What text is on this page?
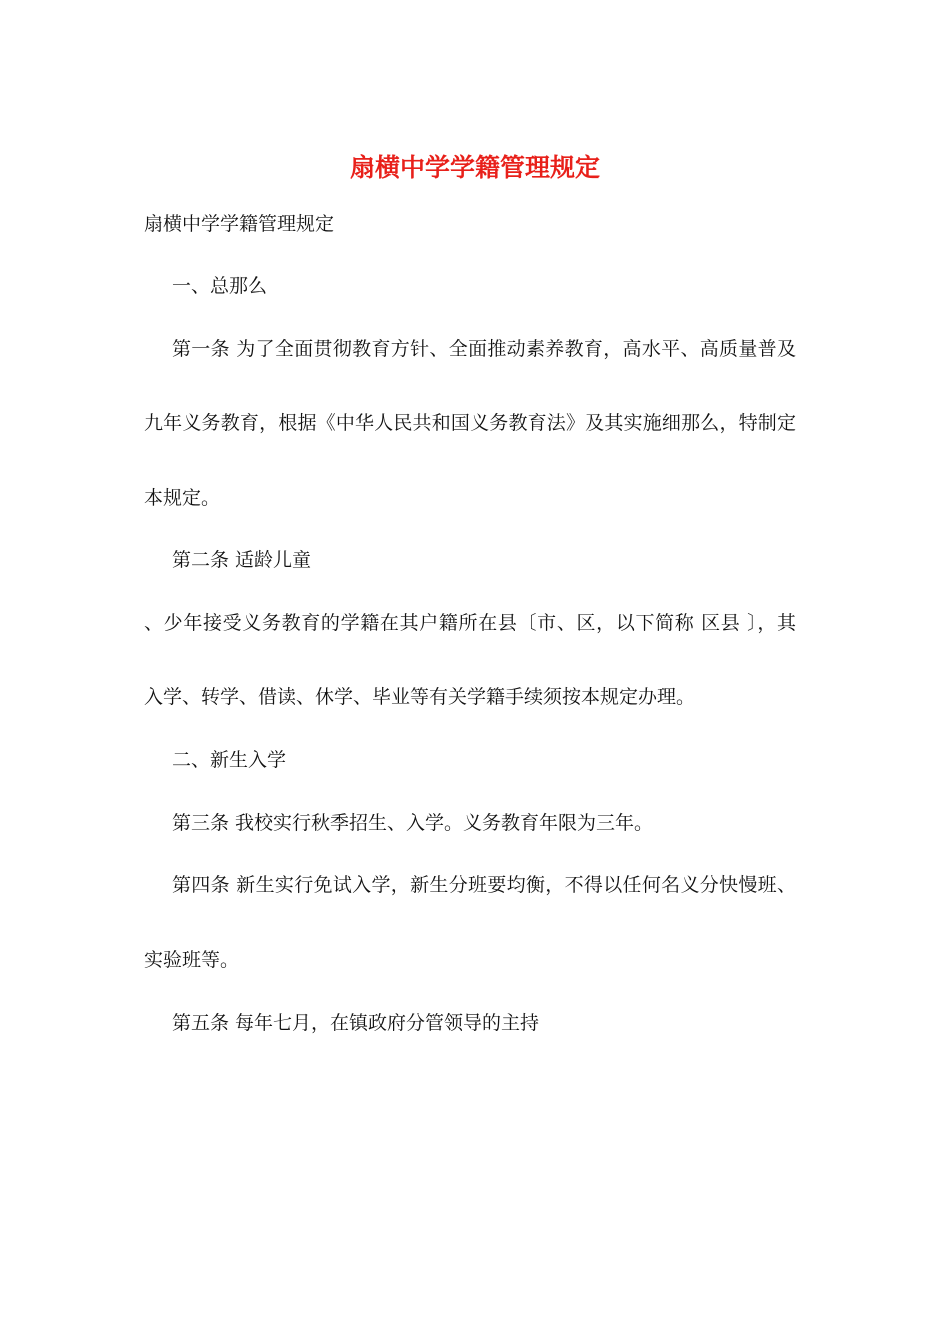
扇横中学学籍管理规定
扇横中学学籍管理规定
一、总那么
第一条 为了全面贯彻教育方针、全面推动素养教育，高水平、高质量普及
九年义务教育，根据《中华人民共和国义务教育法》及其实施细那么，特制定
本规定。
第二条 适龄儿童
、少年接受义务教育的学籍在其户籍所在县〔市、区，以下简称 区县 〕，其
入学、转学、借读、休学、毕业等有关学籍手续须按本规定办理。
二、新生入学
第三条 我校实行秋季招生、入学。义务教育年限为三年。
第四条 新生实行免试入学，新生分班要均衡，不得以任何名义分快慢班、
实验班等。
第五条 每年七月，在镇政府分管领导的主持
